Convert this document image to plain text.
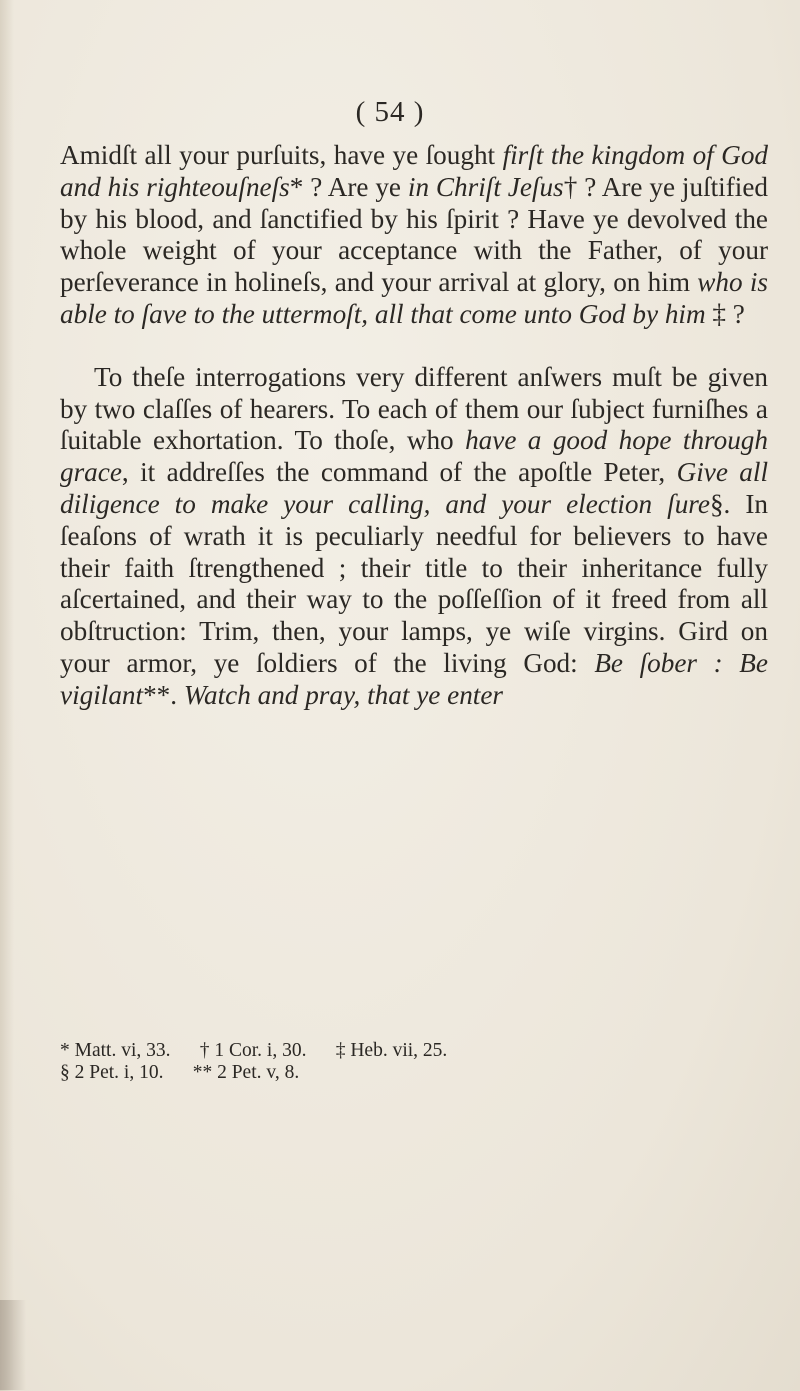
( 54 )

Amidſt all your purſuits, have ye ſought firſt the kingdom of God and his righteouſneſs* ? Are ye in Chriſt Jeſus† ? Are ye juſtified by his blood, and ſanctified by his ſpirit ? Have ye devolved the whole weight of your acceptance with the Father, of your perſeverance in holineſs, and your arrival at glory, on him who is able to ſave to the uttermoſt, all that come unto God by him ‡ ?

To theſe interrogations very different anſwers muſt be given by two claſſes of hearers. To each of them our ſubject furniſhes a ſuitable exhortation. To thoſe, who have a good hope through grace, it addreſſes the command of the apoſtle Peter, Give all diligence to make your calling, and your election ſure§. In ſeaſons of wrath it is peculiarly needful for believers to have their faith ſtrengthened ; their title to their inheritance fully aſcertained, and their way to the poſſeſſion of it freed from all obſtruction: Trim, then, your lamps, ye wiſe virgins. Gird on your armor, ye ſoldiers of the living God: Be ſober : Be vigilant**. Watch and pray, that ye enter

* Matt. vi, 33.      † 1 Cor. i, 30.      ‡ Heb. vii, 25.
§ 2 Pet. i, 10.      ** 2 Pet. v, 8.
